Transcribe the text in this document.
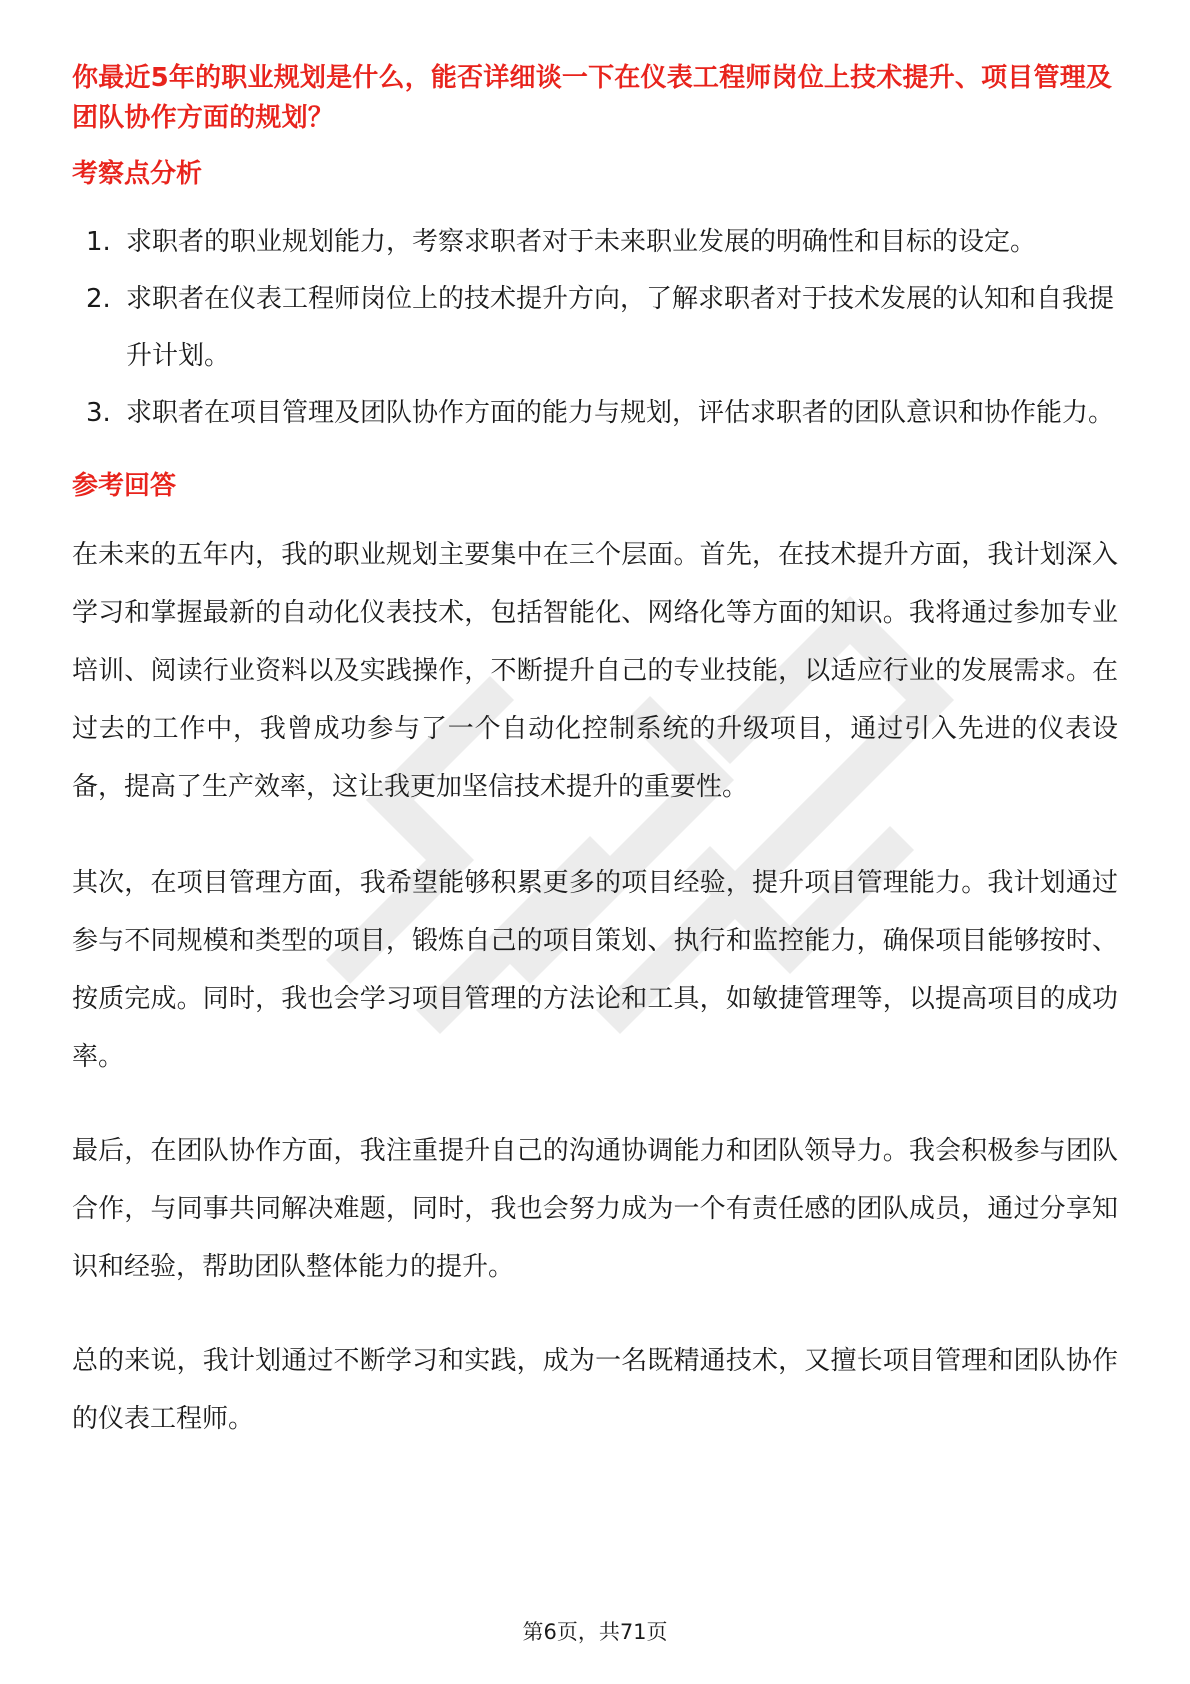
你最近5年的职业规划是什么，能否详细谈一下在仪表工程师岗位上技术提升、项目管理及团队协作方面的规划？
考察点分析
1. 求职者的职业规划能力，考察求职者对于未来职业发展的明确性和目标的设定。
2. 求职者在仪表工程师岗位上的技术提升方向，了解求职者对于技术发展的认知和自我提升计划。
3. 求职者在项目管理及团队协作方面的能力与规划，评估求职者的团队意识和协作能力。
参考回答

在未来的五年内，我的职业规划主要集中在三个层面。首先，在技术提升方面，我计划深入学习和掌握最新的自动化仪表技术，包括智能化、网络化等方面的知识。我将通过参加专业培训、阅读行业资料以及实践操作，不断提升自己的专业技能，以适应行业的发展需求。在过去的工作中，我曾成功参与了一个自动化控制系统的升级项目，通过引入先进的仪表设备，提高了生产效率，这让我更加坚信技术提升的重要性。

其次，在项目管理方面，我希望能够积累更多的项目经验，提升项目管理能力。我计划通过参与不同规模和类型的项目，锻炼自己的项目策划、执行和监控能力，确保项目能够按时、按质完成。同时，我也会学习项目管理的方法论和工具，如敏捷管理等，以提高项目的成功率。

最后，在团队协作方面，我注重提升自己的沟通协调能力和团队领导力。我会积极参与团队合作，与同事共同解决难题，同时，我也会努力成为一个有责任感的团队成员，通过分享知识和经验，帮助团队整体能力的提升。

总的来说，我计划通过不断学习和实践，成为一名既精通技术，又擅长项目管理和团队协作的仪表工程师。

第6页，共71页
